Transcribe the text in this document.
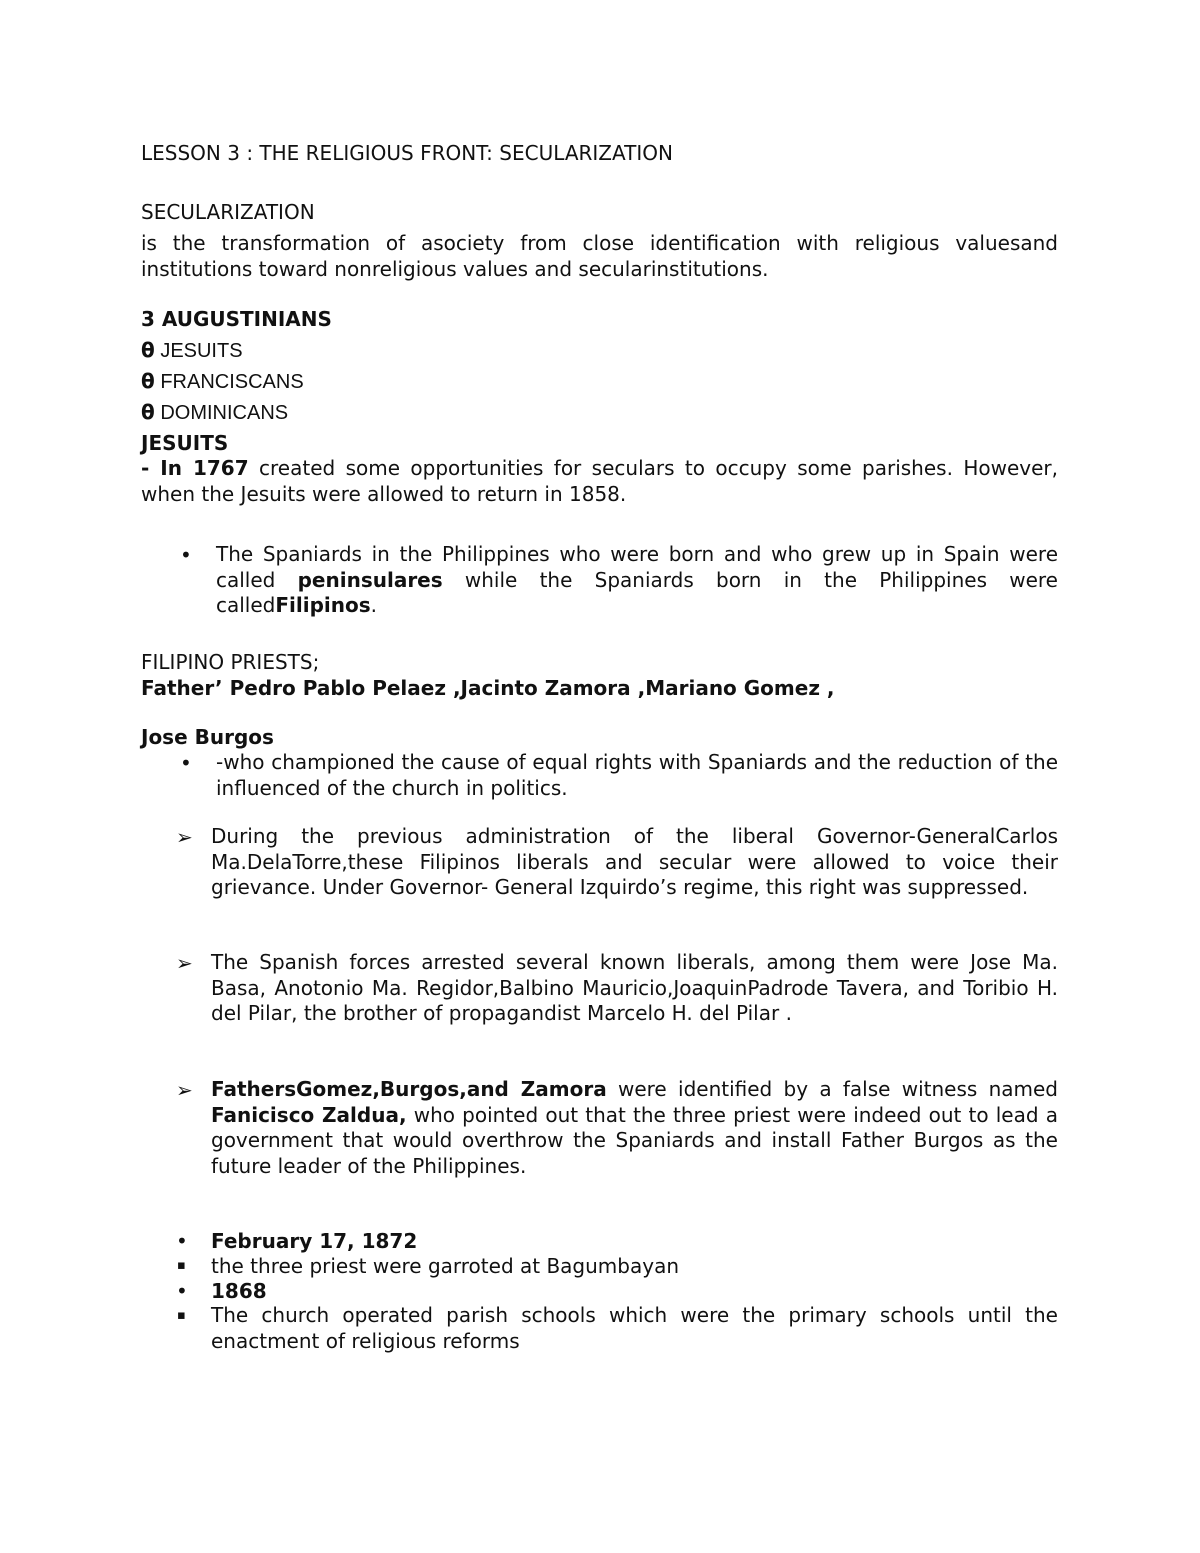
LESSON 3 : THE RELIGIOUS FRONT: SECULARIZATION
SECULARIZATION
is the transformation of asociety from close identification with religious valuesand institutions toward nonreligious values and secularinstitutions.
3 AUGUSTINIANS
θ JESUITS
θ FRANCISCANS
θ DOMINICANS
JESUITS
- In 1767 created some opportunities for seculars to occupy some parishes. However, when the Jesuits were allowed to return in 1858.
• The Spaniards in the Philippines who were born and who grew up in Spain were called peninsulares while the Spaniards born in the Philippines were calledFilipinos.
FILIPINO PRIESTS;
Father’ Pedro Pablo Pelaez ,Jacinto Zamora ,Mariano Gomez ,
Jose Burgos
• -who championed the cause of equal rights with Spaniards and the reduction of the influenced of the church in politics.
➢ During the previous administration of the liberal Governor-GeneralCarlos Ma.DelaTorre,these Filipinos liberals and secular were allowed to voice their grievance. Under Governor- General Izquirdo’s regime, this right was suppressed.
➢ The Spanish forces arrested several known liberals, among them were Jose Ma. Basa, Anotonio Ma. Regidor,Balbino Mauricio,JoaquinPadrode Tavera, and Toribio H. del Pilar, the brother of propagandist Marcelo H. del Pilar .
➢ FathersGomez,Burgos,and Zamora were identified by a false witness named Fanicisco Zaldua, who pointed out that the three priest were indeed out to lead a government that would overthrow the Spaniards and install Father Burgos as the future leader of the Philippines.
• February 17, 1872
▪ the three priest were garroted at Bagumbayan
• 1868
▪ The church operated parish schools which were the primary schools until the enactment of religious reforms
